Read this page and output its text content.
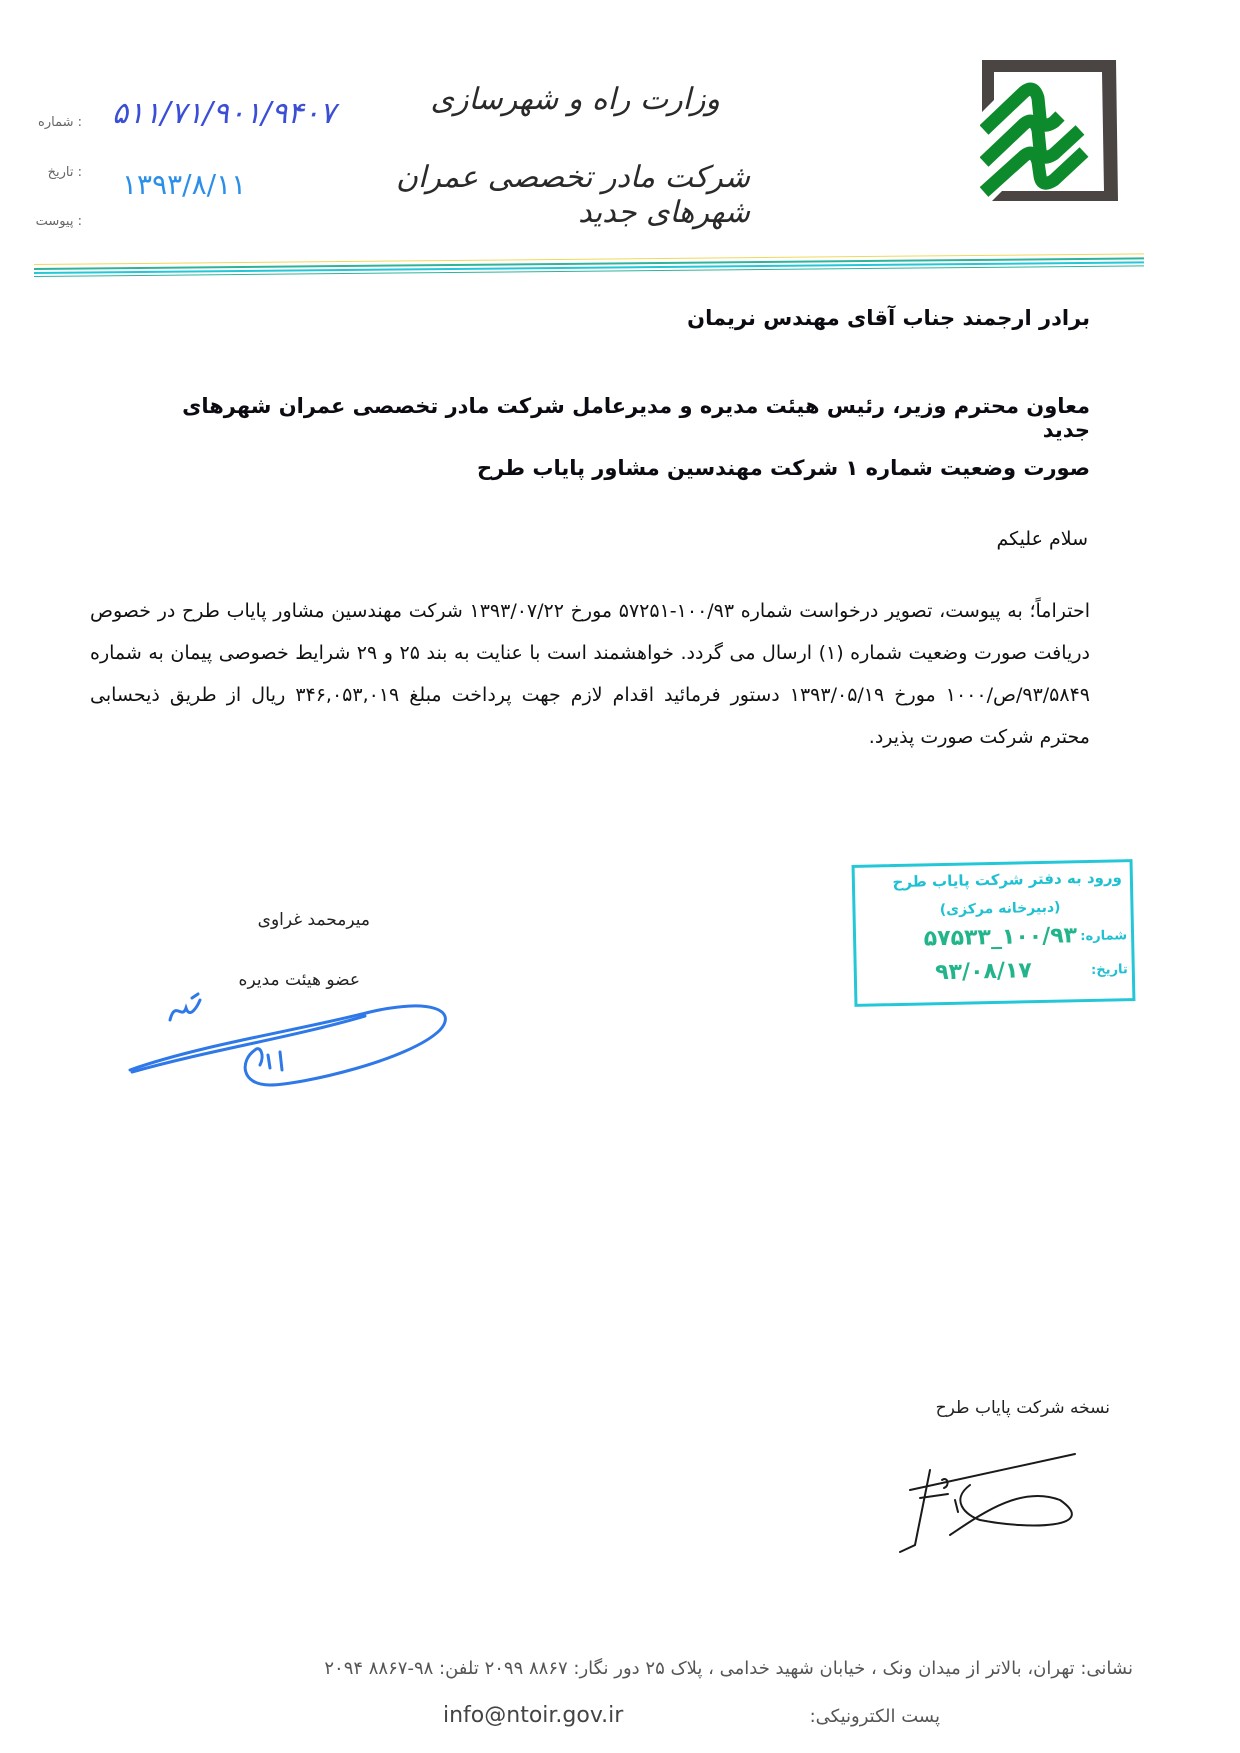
وزارت راه و شهرسازی
شرکت مادر تخصصی عمران شهرهای جدید
: شماره
: تاریخ
: پیوست
۵۱۱/۷۱/۹۰۱/۹۴۰۷
۱۳۹۳/۸/۱۱
برادر ارجمند جناب آقای مهندس نریمان
معاون محترم وزیر، رئیس هیئت مدیره و مدیرعامل شرکت مادر تخصصی عمران شهرهای جدید
صورت وضعیت شماره ۱ شرکت مهندسین مشاور پایاب طرح
سلام علیکم
احتراماً؛ به پیوست، تصویر درخواست شماره ۱۰۰/۹۳-۵۷۲۵۱ مورخ ۱۳۹۳/۰۷/۲۲ شرکت مهندسین مشاور پایاب طرح در خصوص دریافت صورت وضعیت شماره (۱) ارسال می گردد. خواهشمند است با عنایت به بند ۲۵ و ۲۹ شرایط خصوصی پیمان به شماره ۹۳/۵۸۴۹/ص/۱۰۰۰ مورخ ۱۳۹۳/۰۵/۱۹ دستور فرمائید اقدام لازم جهت پرداخت مبلغ ۳۴۶,۰۵۳,۰۱۹ ریال از طریق ذیحسابی محترم شرکت صورت پذیرد.
ورود به دفتر شرکت پایاب طرح
(دبیرخانه مرکزی)
شماره:
۱۰۰/۹۳_۵۷۵۳۳
تاریخ:
۹۳/۰۸/۱۷
میرمحمد غراوی
عضو هیئت مدیره
نسخه شرکت پایاب طرح
نشانی: تهران، بالاتر از میدان ونک ، خیابان شهید خدامی ، پلاک ۲۵ دور نگار: ۸۸۶۷ ۲۰۹۹ تلفن: ۹۸-۸۸۶۷ ۲۰۹۴
پست الکترونیکی:
info@ntoir.gov.ir
